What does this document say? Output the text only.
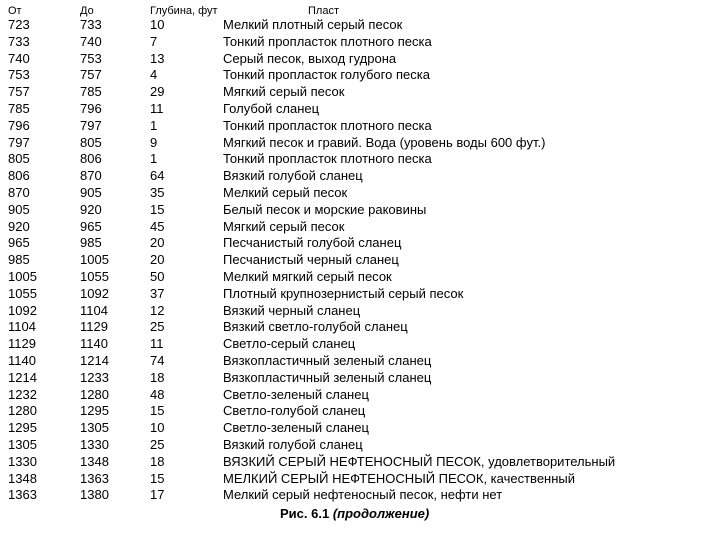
От	До	Глубина, фут	Пласт
723	733	10	Мелкий плотный серый песок
733	740	7	Тонкий пропласток плотного песка
740	753	13	Серый песок, выход гудрона
753	757	4	Тонкий пропласток голубого песка
757	785	29	Мягкий серый песок
785	796	11	Голубой сланец
796	797	1	Тонкий пропласток плотного песка
797	805	9	Мягкий песок и гравий. Вода (уровень воды 600 фут.)
805	806	1	Тонкий пропласток плотного песка
806	870	64	Вязкий голубой сланец
870	905	35	Мелкий серый песок
905	920	15	Белый песок и морские раковины
920	965	45	Мягкий серый песок
965	985	20	Песчанистый голубой сланец
985	1005	20	Песчанистый черный сланец
1005	1055	50	Мелкий мягкий серый песок
1055	1092	37	Плотный крупнозернистый серый песок
1092	1104	12	Вязкий черный сланец
1104	1129	25	Вязкий светло-голубой сланец
1129	1140	11	Светло-серый сланец
1140	1214	74	Вязкопластичный зеленый сланец
1214	1233	18	Вязкопластичный зеленый сланец
1232	1280	48	Светло-зеленый сланец
1280	1295	15	Светло-голубой сланец
1295	1305	10	Светло-зеленый сланец
1305	1330	25	Вязкий голубой сланец
1330	1348	18	ВЯЗКИЙ СЕРЫЙ НЕФТЕНОСНЫЙ ПЕСОК, удовлетворительный
1348	1363	15	МЕЛКИЙ СЕРЫЙ НЕФТЕНОСНЫЙ ПЕСОК, качественный
1363	1380	17	Мелкий серый нефтеносный песок, нефти нет
Рис. 6.1 (продолжение)
